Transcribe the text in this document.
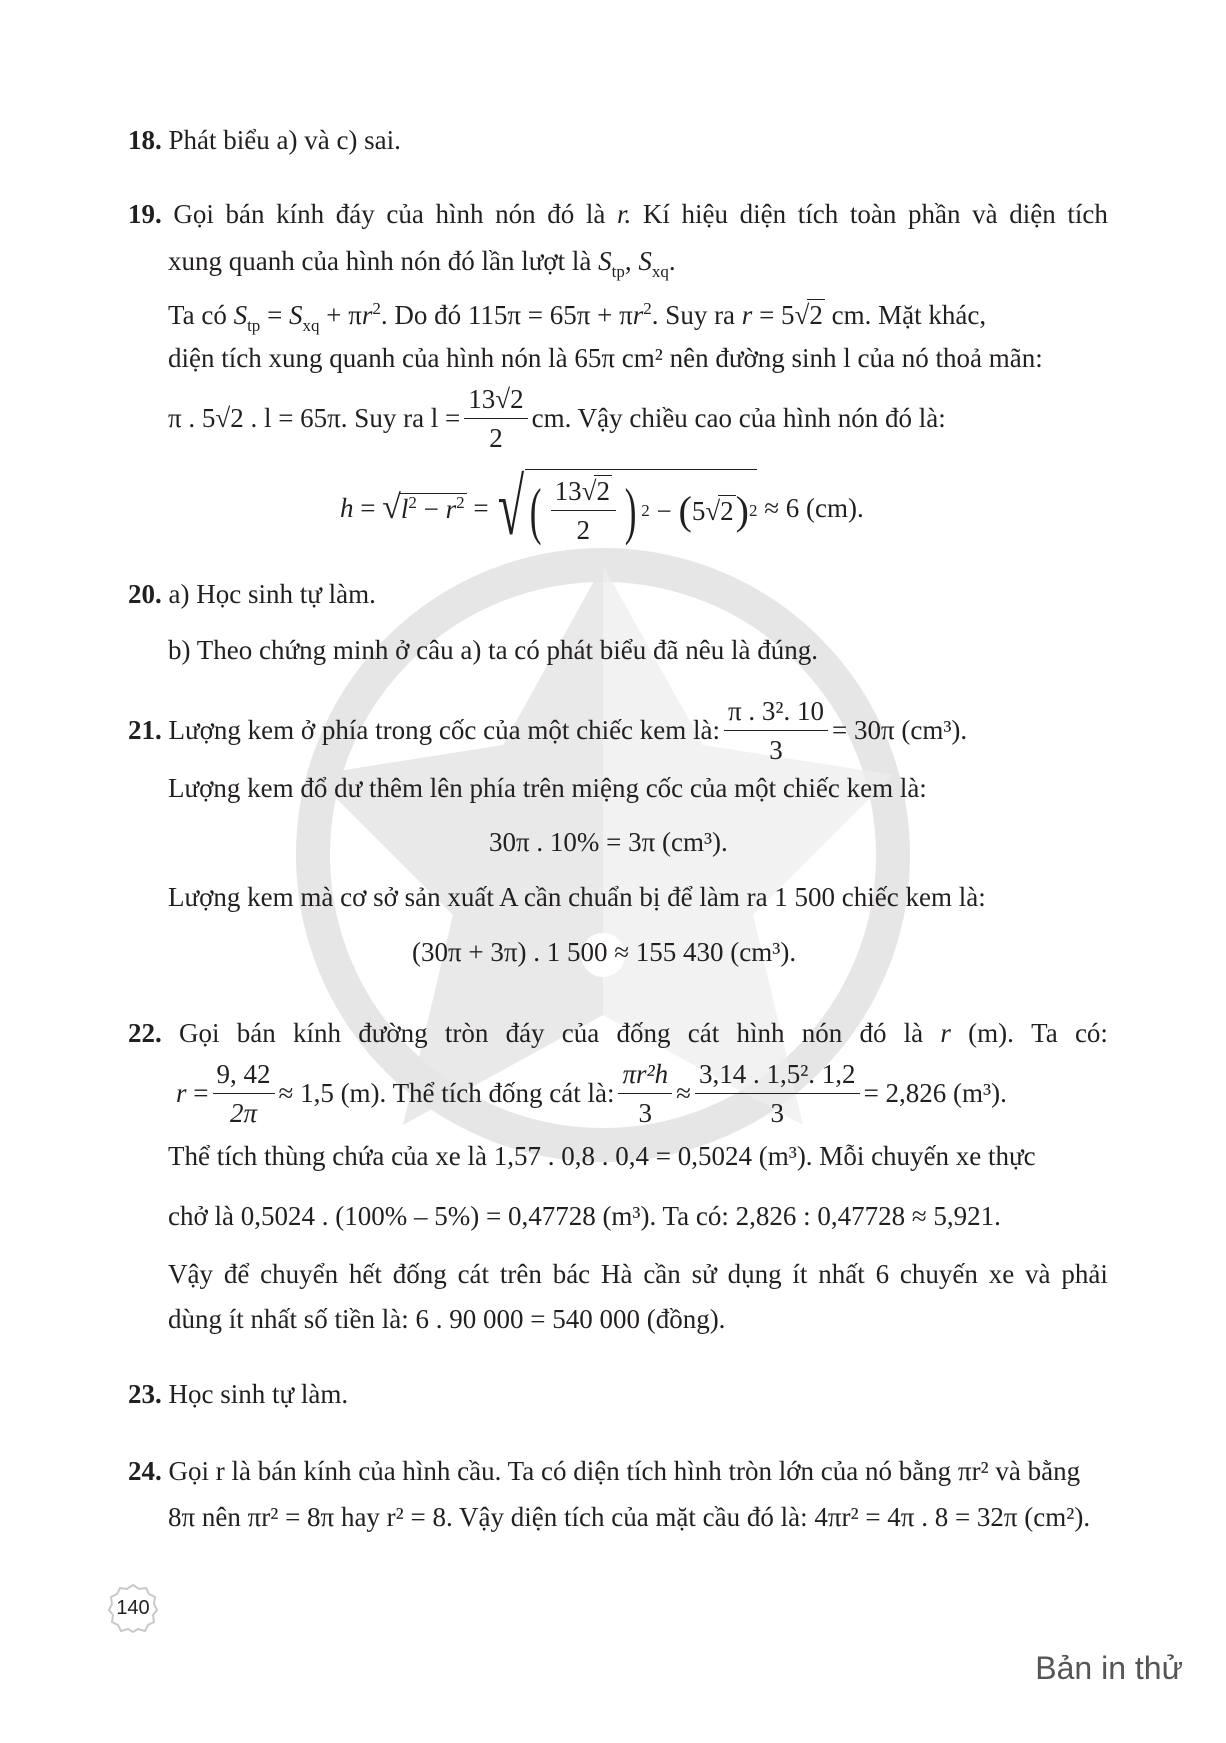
18. Phát biểu a) và c) sai.
19. Gọi bán kính đáy của hình nón đó là r. Kí hiệu diện tích toàn phần và diện tích
xung quanh của hình nón đó lần lượt là $S_{tp}$, $S_{xq}$.
Ta có $S_{tp} = S_{xq} + \pi r^2$. Do đó $115\pi = 65\pi + \pi r^2$. Suy ra r = 5√2 cm. Mặt khác,
diện tích xung quanh của hình nón là 65π cm² nên đường sinh l của nó thoả mãn:
π . 5√2 . l = 65π. Suy ra $l = \frac{13√2}{2}$ cm. Vậy chiều cao của hình nón đó là:
h = √ $l^2 - r^2$ = √ ( $\frac{13√2}{2}$ ) 2 − ( 5 √ 2 ) 2
≈ 6 (cm).
20. a) Học sinh tự làm.
b) Theo chứng minh ở câu a) ta có phát biểu đã nêu là đúng.
21.
Lượng kem ở phía trong cốc của một chiếc kem là: $\frac{\text{π . 3². 10}}{3} = 30\pi$ (cm³).
Lượng kem đổ dư thêm lên phía trên miệng cốc của một chiếc kem là:
30π . 10% = 3π (cm³).
Lượng kem mà cơ sở sản xuất A cần chuẩn bị để làm ra 1 500 chiếc kem là:
(30π + 3π) . 1 500 ≈ 155 430 (cm³).
22. Gọi bán kính đường tròn đáy của đống cát hình nón đó là r (m). Ta có:
$r = \frac{9, 42}{2\pi} \approx 1,5$ (m). Thể tích đống cát là: $\frac{\text{πr²h}}{3} \approx \frac{\text{3,14 . 1,5². 1,2}}{3} = 2,826$ (m³).
Thể tích thùng chứa của xe là 1,57 . 0,8 . 0,4 = 0,5024 (m³). Mỗi chuyến xe thực
chở là 0,5024 . (100% – 5%) = 0,47728 (m³). Ta có: 2,826 : 0,47728 ≈ 5,921.
Vậy để chuyển hết đống cát trên bác Hà cần sử dụng ít nhất 6 chuyến xe và phải
dùng ít nhất số tiền là: 6 . 90 000 = 540 000 (đồng).
23. Học sinh tự làm.
24. Gọi r là bán kính của hình cầu. Ta có diện tích hình tròn lớn của nó bằng πr² và bằng
8π nên πr² = 8π hay r² = 8. Vậy diện tích của mặt cầu đó là: 4πr² = 4π . 8 = 32π (cm²).
140
Bản in thử
